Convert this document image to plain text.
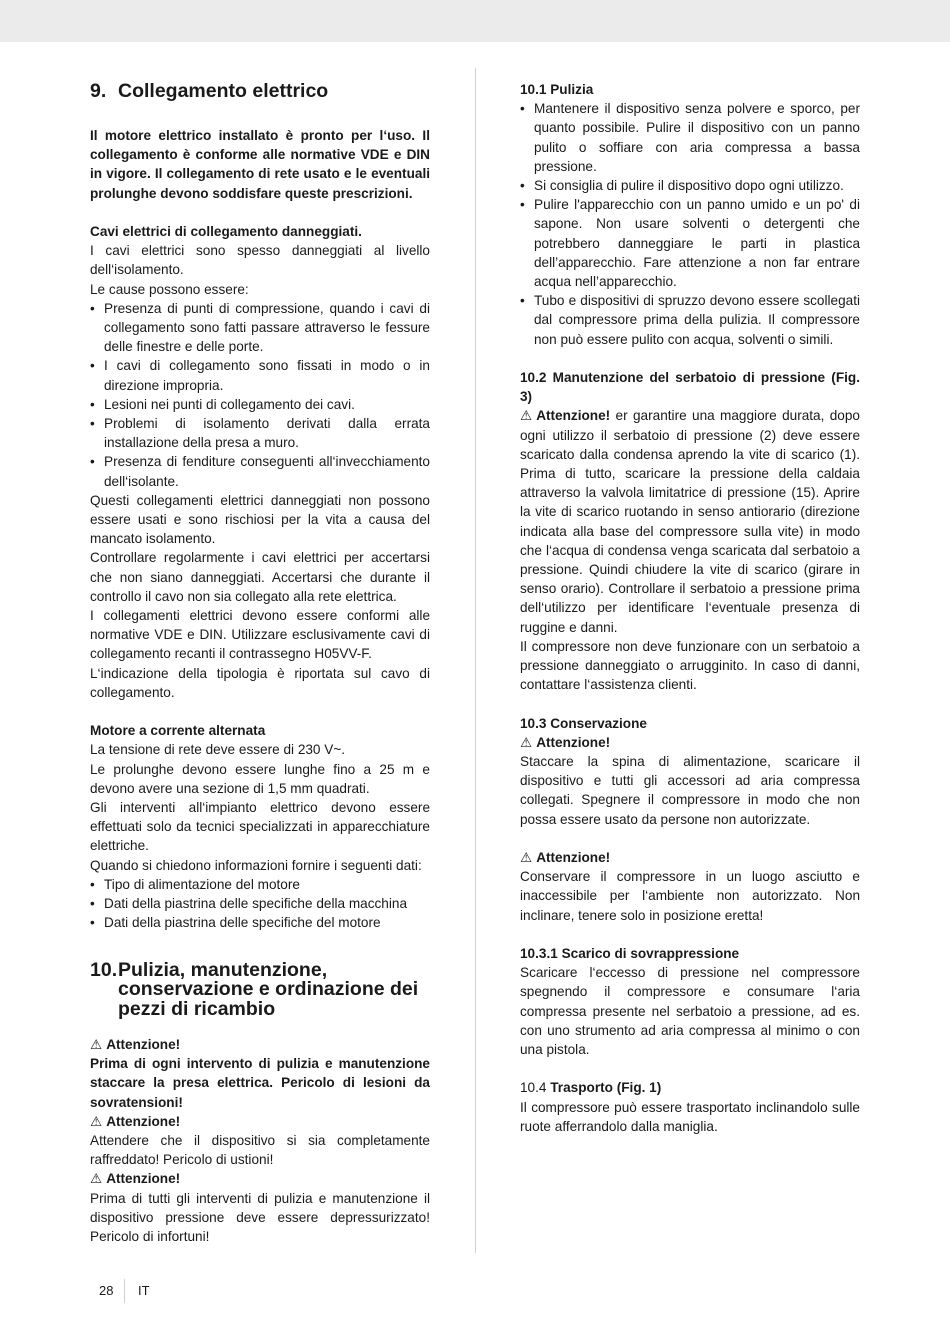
9. Collegamento elettrico

Il motore elettrico installato è pronto per l‘uso. Il collegamento è conforme alle normative VDE e DIN in vigore. Il collegamento di rete usato e le eventuali prolunghe devono soddisfare queste prescrizioni.

Cavi elettrici di collegamento danneggiati.

I cavi elettrici sono spesso danneggiati al livello dell‘isolamento.

Le cause possono essere:

• Presenza di punti di compressione, quando i cavi di collegamento sono fatti passare attraverso le fessure delle finestre e delle porte.
• I cavi di collegamento sono fissati in modo o in direzione impropria.
• Lesioni nei punti di collegamento dei cavi.
• Problemi di isolamento derivati dalla errata installazione della presa a muro.
• Presenza di fenditure conseguenti all‘invecchiamento dell‘isolante.

Questi collegamenti elettrici danneggiati non possono essere usati e sono rischiosi per la vita a causa del mancato isolamento.

Controllare regolarmente i cavi elettrici per accertarsi che non siano danneggiati. Accertarsi che durante il controllo il cavo non sia collegato alla rete elettrica.

I collegamenti elettrici devono essere conformi alle normative VDE e DIN. Utilizzare esclusivamente cavi di collegamento recanti il contrassegno H05VV-F.

L‘indicazione della tipologia è riportata sul cavo di collegamento.

Motore a corrente alternata

La tensione di rete deve essere di 230 V~.

Le prolunghe devono essere lunghe fino a 25 m e devono avere una sezione di 1,5 mm quadrati.

Gli interventi all‘impianto elettrico devono essere effettuati solo da tecnici specializzati in apparecchiature elettriche.

Quando si chiedono informazioni fornire i seguenti dati:

• Tipo di alimentazione del motore
• Dati della piastrina delle specifiche della macchina
• Dati della piastrina delle specifiche del motore
10. Pulizia, manutenzione, conservazione e ordinazione dei pezzi di ricambio

⚠ Attenzione!

Prima di ogni intervento di pulizia e manutenzione staccare la presa elettrica. Pericolo di lesioni da sovratensioni!

⚠ Attenzione!

Attendere che il dispositivo si sia completamente raffreddato! Pericolo di ustioni!

⚠ Attenzione!

Prima di tutti gli interventi di pulizia e manutenzione il dispositivo pressione deve essere depressurizzato! Pericolo di infortuni!

10.1 Pulizia

• Mantenere il dispositivo senza polvere e sporco, per quanto possibile. Pulire il dispositivo con un panno pulito o soffiare con aria compressa a bassa pressione.
• Si consiglia di pulire il dispositivo dopo ogni utilizzo.
• Pulire l'apparecchio con un panno umido e un po' di sapone. Non usare solventi o detergenti che potrebbero danneggiare le parti in plastica dell’apparecchio. Fare attenzione a non far entrare acqua nell’apparecchio.
• Tubo e dispositivi di spruzzo devono essere scollegati dal compressore prima della pulizia. Il compressore non può essere pulito con acqua, solventi o simili.

10.2 Manutenzione del serbatoio di pressione (Fig. 3)

⚠ Attenzione! er garantire una maggiore durata, dopo ogni utilizzo il serbatoio di pressione (2) deve essere scaricato dalla condensa aprendo la vite di scarico (1). Prima di tutto, scaricare la pressione della caldaia attraverso la valvola limitatrice di pressione (15). Aprire la vite di scarico ruotando in senso antiorario (direzione indicata alla base del compressore sulla vite) in modo che l‘acqua di condensa venga scaricata dal serbatoio a pressione. Quindi chiudere la vite di scarico (girare in senso orario). Controllare il serbatoio a pressione prima dell‘utilizzo per identificare l‘eventuale presenza di ruggine e danni.

Il compressore non deve funzionare con un serbatoio a pressione danneggiato o arrugginito. In caso di danni, contattare l‘assistenza clienti.

10.3 Conservazione

⚠ Attenzione!

Staccare la spina di alimentazione, scaricare il dispositivo e tutti gli accessori ad aria compressa collegati. Spegnere il compressore in modo che non possa essere usato da persone non autorizzate.

⚠ Attenzione!

Conservare il compressore in un luogo asciutto e inaccessibile per l‘ambiente non autorizzato. Non inclinare, tenere solo in posizione eretta!

10.3.1 Scarico di sovrappressione

Scaricare l‘eccesso di pressione nel compressore spegnendo il compressore e consumare l‘aria compressa presente nel serbatoio a pressione, ad es. con uno strumento ad aria compressa al minimo o con una pistola.

10.4 Trasporto (Fig. 1)

Il compressore può essere trasportato inclinandolo sulle ruote afferrandolo dalla maniglia.

28 IT
